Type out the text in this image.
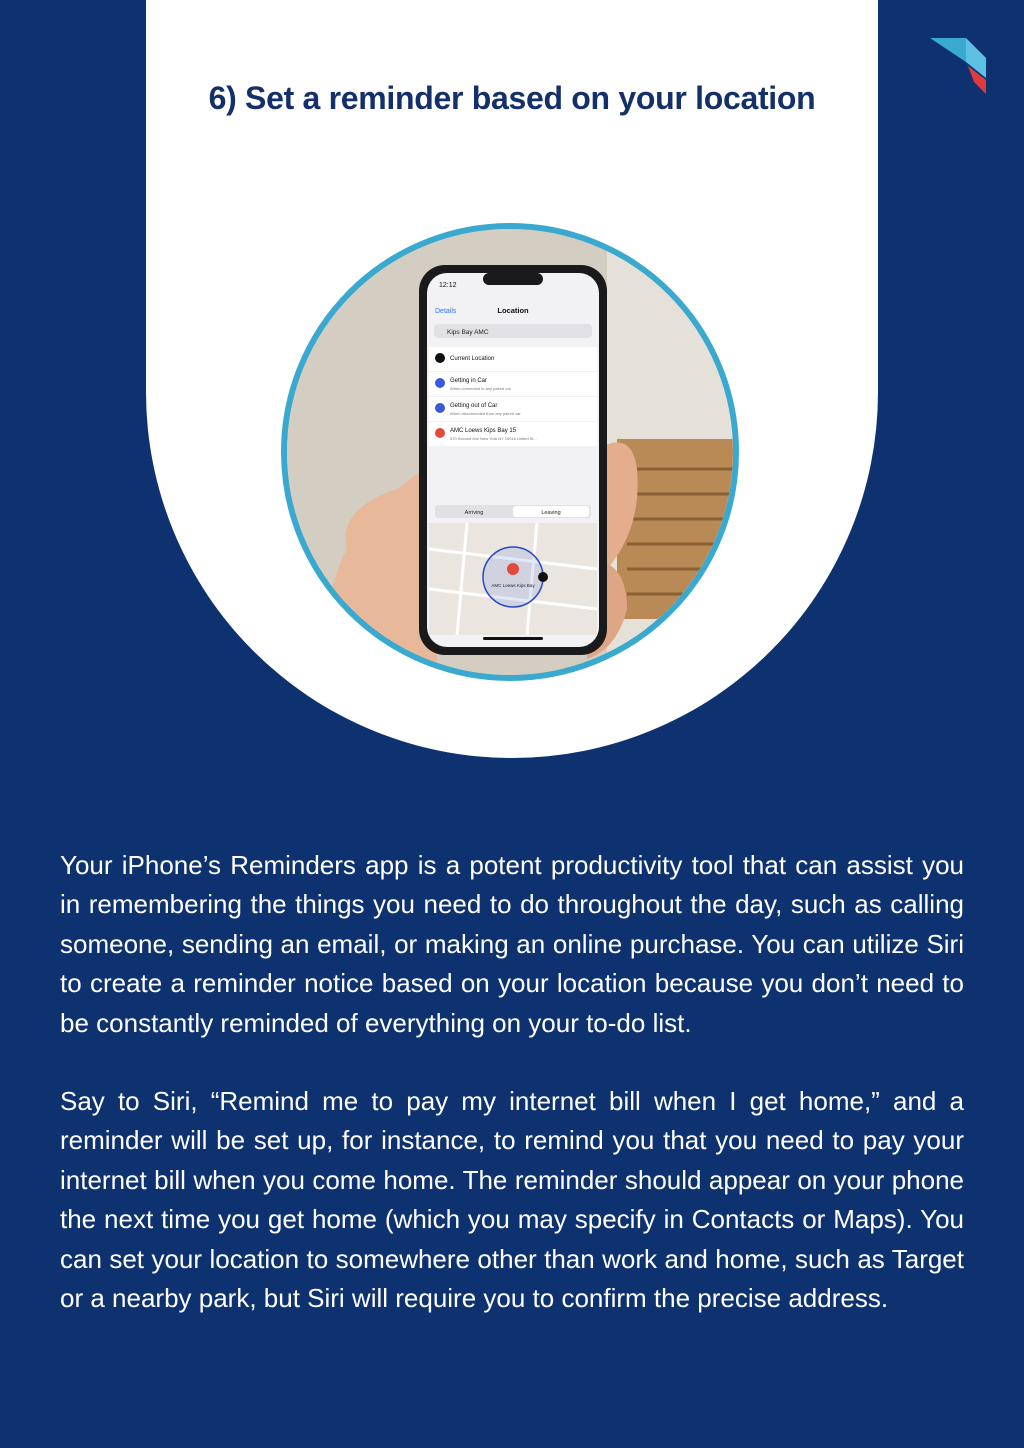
6) Set a reminder based on your location
12:12
Details	Location
Kips Bay AMC
Current Location
Getting in Car
When connected to any paired car
Getting out of Car
When disconnected from any paired car
AMC Loews Kips Bay 15
570 Second Ave New York NY 10016 United St...
Arriving	Leaving
AMC Loews Kips Bay

Your iPhone’s Reminders app is a potent productivity tool that can assist you in remembering the things you need to do throughout the day, such as calling someone, sending an email, or making an online purchase. You can utilize Siri to create a reminder notice based on your location because you don’t need to be constantly reminded of everything on your to-do list.

Say to Siri, “Remind me to pay my internet bill when I get home,” and a reminder will be set up, for instance, to remind you that you need to pay your internet bill when you come home. The reminder should appear on your phone the next time you get home (which you may specify in Contacts or Maps). You can set your location to somewhere other than work and home, such as Target or a nearby park, but Siri will require you to confirm the precise address.
